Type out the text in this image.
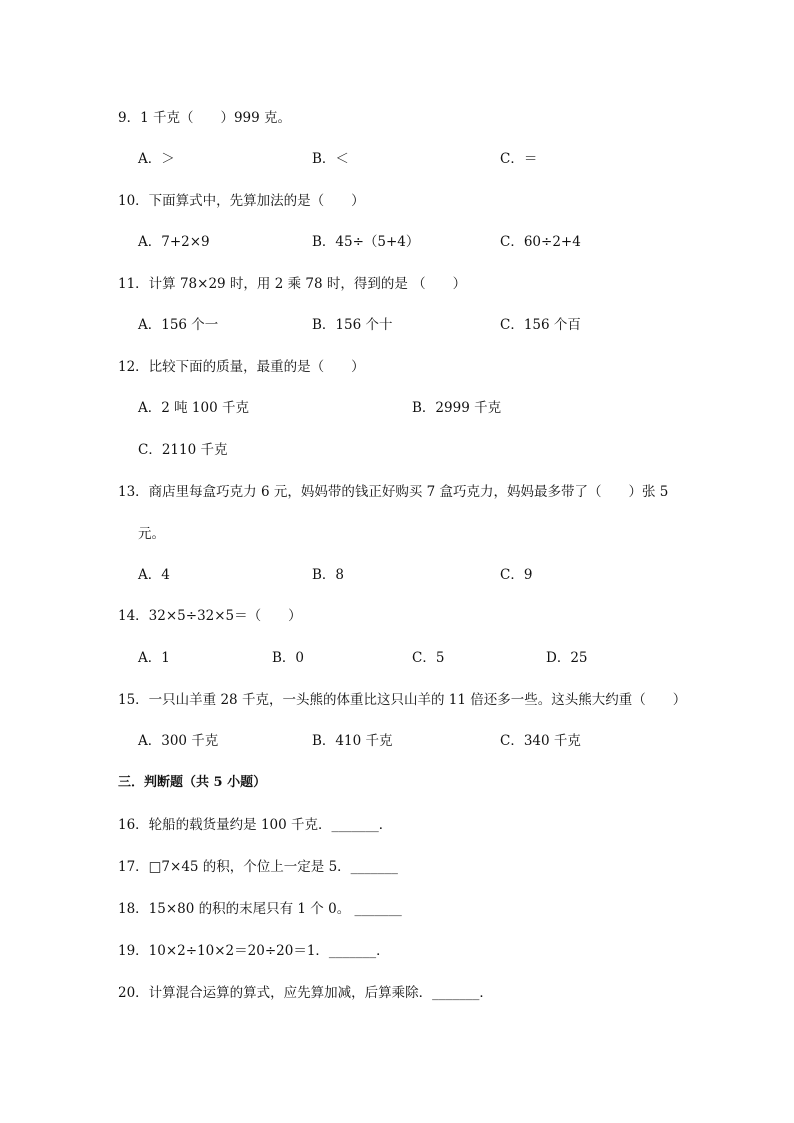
9．1 千克（　　）999 克。
A．＞	B．＜	C．＝
10．下面算式中，先算加法的是（　　）
A．7+2×9	B．45÷（5+4）	C．60÷2+4
11．计算 78×29 时，用 2 乘 78 时，得到的是 （　　）
A．156 个一	B．156 个十	C．156 个百
12．比较下面的质量，最重的是（　　）
A．2 吨 100 千克	B．2999 千克
C．2110 千克
13．商店里每盒巧克力 6 元，妈妈带的钱正好购买 7 盒巧克力，妈妈最多带了（　　）张 5
元。
A．4	B．8	C．9
14．32×5÷32×5＝（　　）
A．1	B．0	C．5	D．25
15．一只山羊重 28 千克，一头熊的体重比这只山羊的 11 倍还多一些。这头熊大约重（　　）
A．300 千克	B．410 千克	C．340 千克
三．判断题（共 5 小题）
16．轮船的载货量约是 100 千克．_______．
17．□7×45 的积，个位上一定是 5．_______
18．15×80 的积的末尾只有 1 个 0。 _______
19．10×2÷10×2＝20÷20＝1．_______．
20．计算混合运算的算式，应先算加减，后算乘除．_______．
